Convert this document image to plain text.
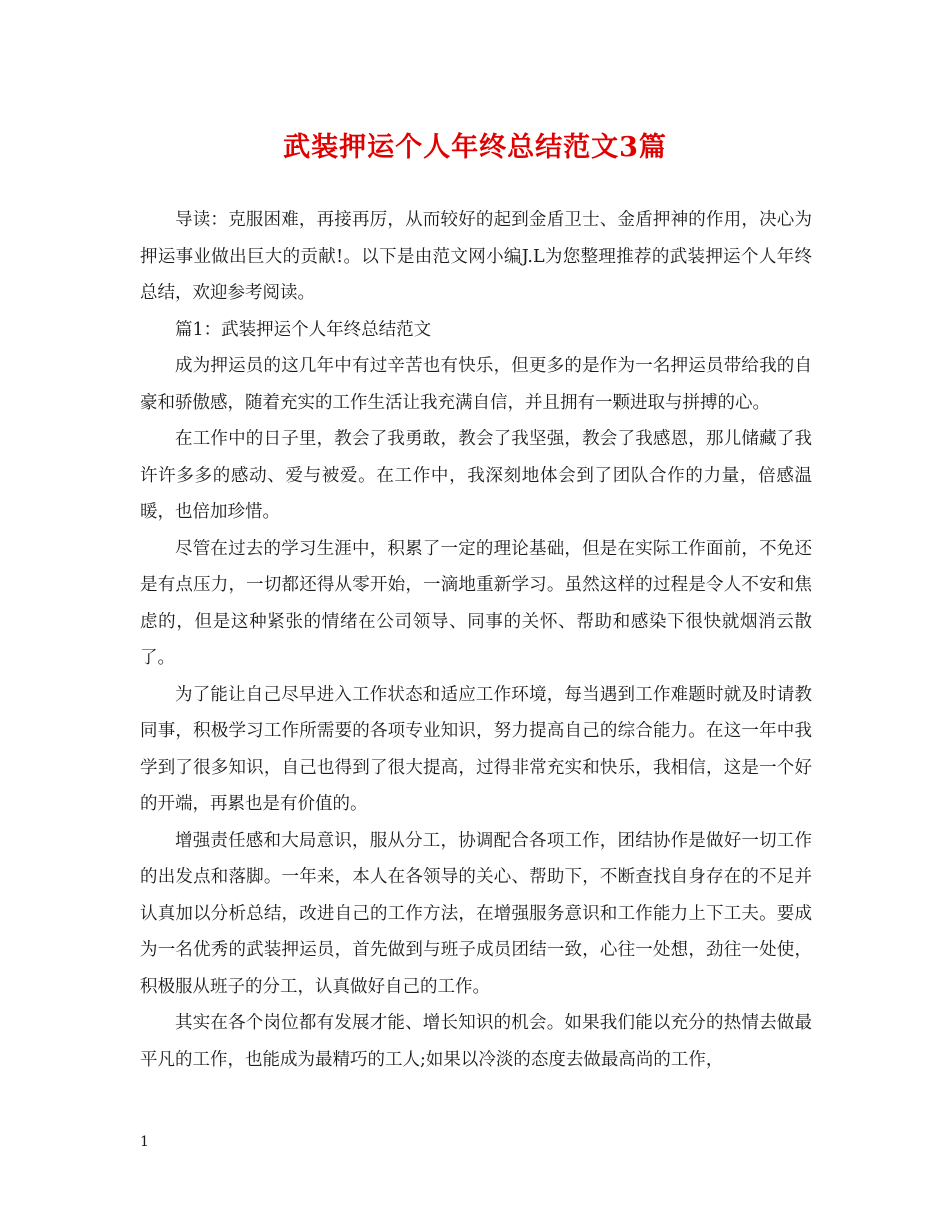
武装押运个人年终总结范文3篇

导读：克服困难，再接再厉，从而较好的起到金盾卫士、金盾押神的作用，决心为押运事业做出巨大的贡献!。以下是由范文网小编J.L为您整理推荐的武装押运个人年终总结，欢迎参考阅读。

篇1：武装押运个人年终总结范文

成为押运员的这几年中有过辛苦也有快乐，但更多的是作为一名押运员带给我的自豪和骄傲感，随着充实的工作生活让我充满自信，并且拥有一颗进取与拼搏的心。

在工作中的日子里，教会了我勇敢，教会了我坚强，教会了我感恩，那儿储藏了我许许多多的感动、爱与被爱。在工作中，我深刻地体会到了团队合作的力量，倍感温暖，也倍加珍惜。

尽管在过去的学习生涯中，积累了一定的理论基础，但是在实际工作面前，不免还是有点压力，一切都还得从零开始，一滴地重新学习。虽然这样的过程是令人不安和焦虑的，但是这种紧张的情绪在公司领导、同事的关怀、帮助和感染下很快就烟消云散了。

为了能让自己尽早进入工作状态和适应工作环境，每当遇到工作难题时就及时请教同事，积极学习工作所需要的各项专业知识，努力提高自己的综合能力。在这一年中我学到了很多知识，自己也得到了很大提高，过得非常充实和快乐，我相信，这是一个好的开端，再累也是有价值的。

增强责任感和大局意识，服从分工，协调配合各项工作，团结协作是做好一切工作的出发点和落脚。一年来，本人在各领导的关心、帮助下，不断查找自身存在的不足并认真加以分析总结，改进自己的工作方法，在增强服务意识和工作能力上下工夫。要成为一名优秀的武装押运员，首先做到与班子成员团结一致，心往一处想，劲往一处使，积极服从班子的分工，认真做好自己的工作。

其实在各个岗位都有发展才能、增长知识的机会。如果我们能以充分的热情去做最平凡的工作，也能成为最精巧的工人;如果以冷淡的态度去做最高尚的工作，

1
